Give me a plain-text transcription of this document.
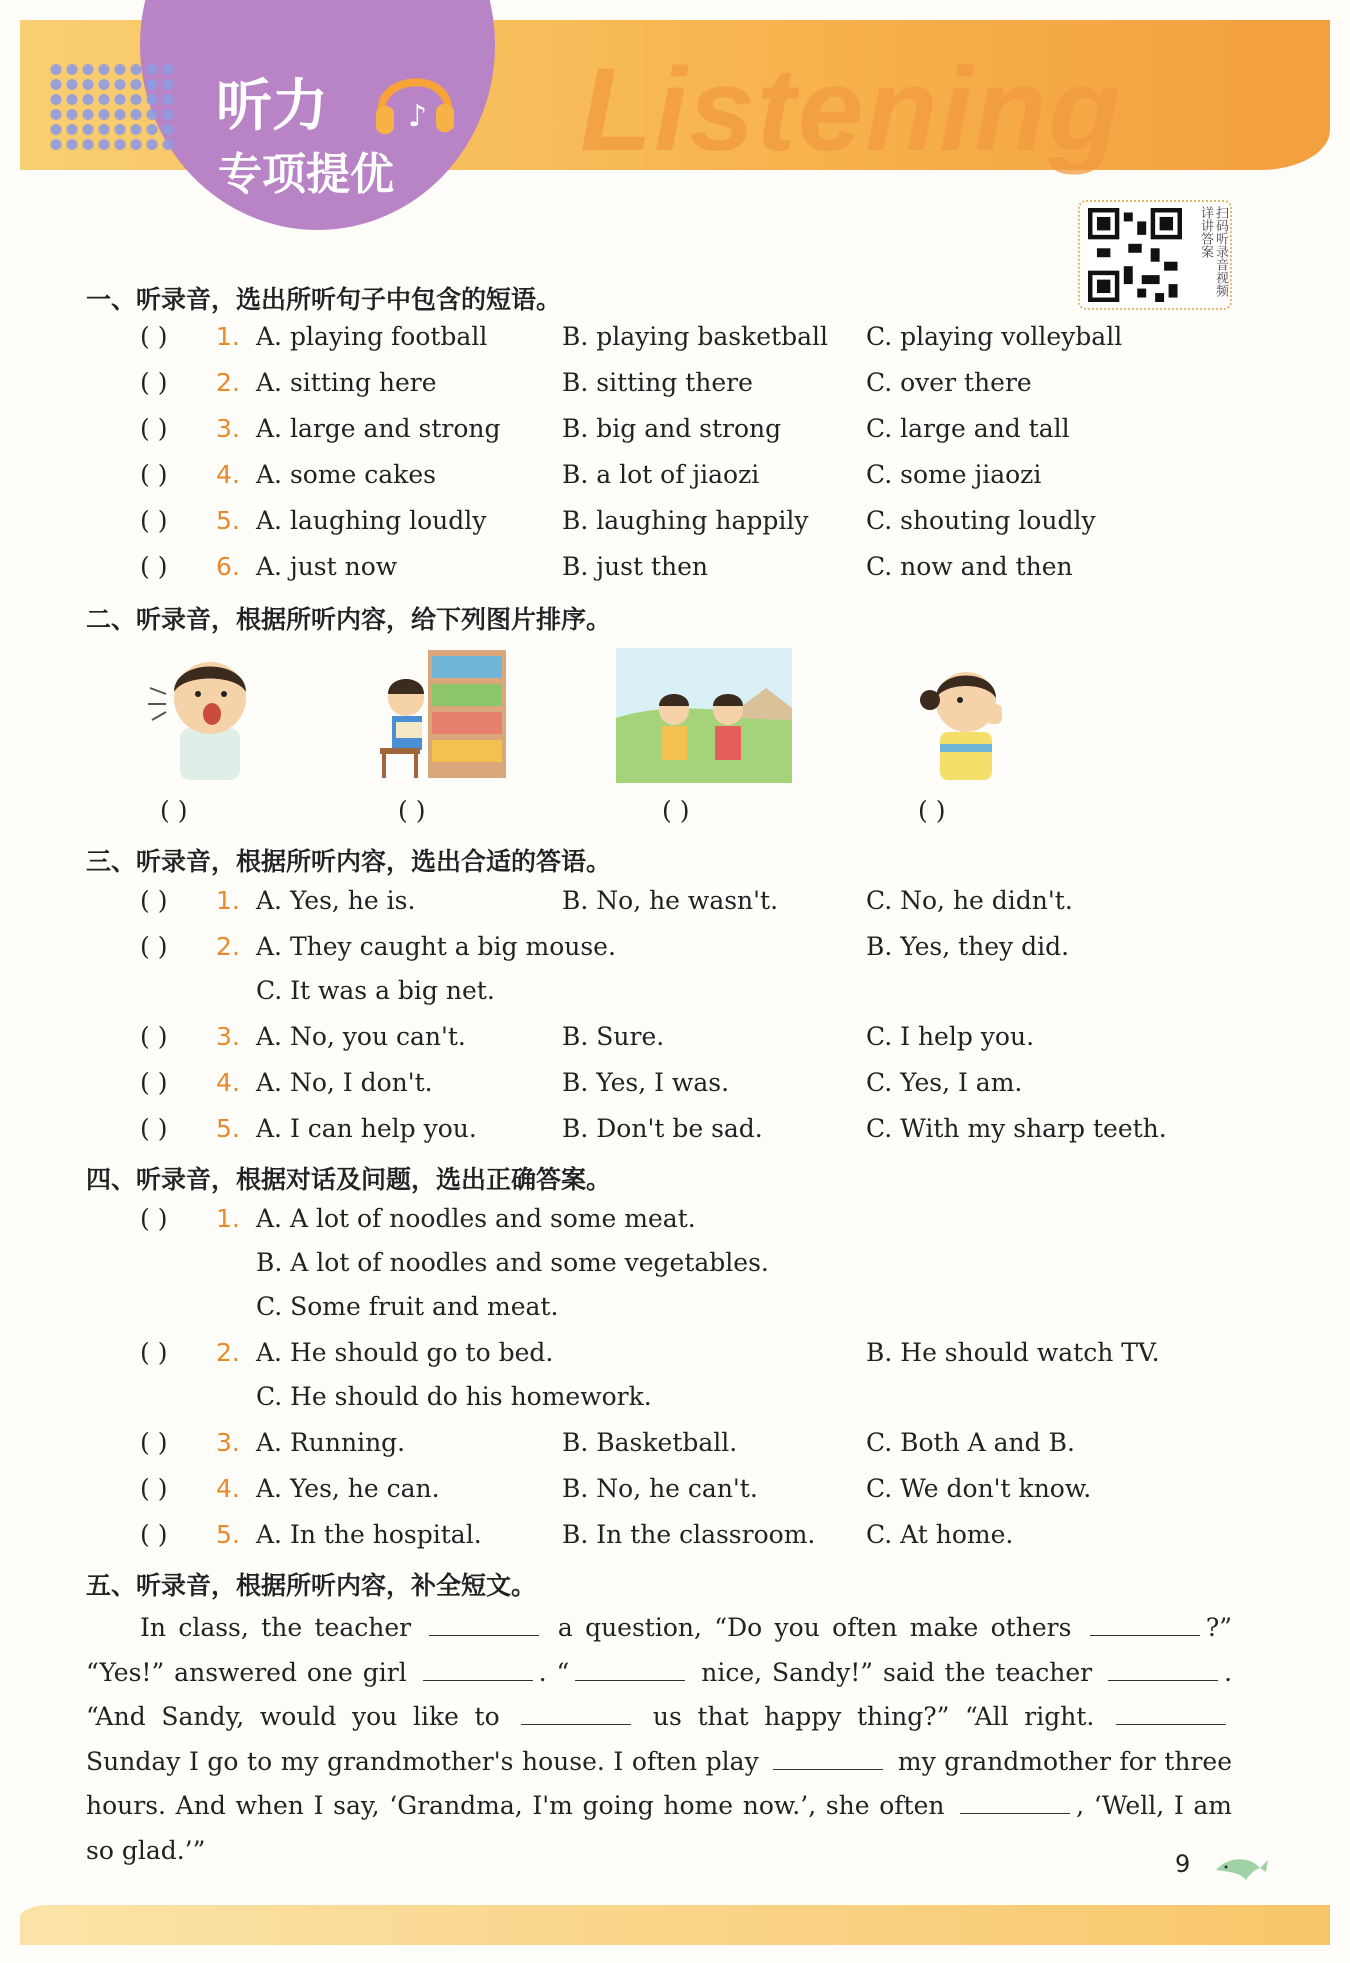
Listening
听力
专项提优
♪
扫码听录音视频详讲答案
一、听录音，选出所听句子中包含的短语。
( ) 1. A. playing football	B. playing basketball C. playing volleyball
( ) 2. A. sitting here	B. sitting there	C. over there
( ) 3. A. large and strong B. big and strong	C. large and tall
( ) 4. A. some cakes	B. a lot of jiaozi	C. some jiaozi
( ) 5. A. laughing loudly	B. laughing happily C. shouting loudly
( ) 6. A. just now	B. just then	C. now and then
二、听录音，根据所听内容，给下列图片排序。
( )	( )	( )	( )
三、听录音，根据所听内容，选出合适的答语。
( ) 1. A. Yes, he is.	B. No, he wasn't.	C. No, he didn't.
( ) 2. A. They caught a big mouse.	B. Yes, they did.
C. It was a big net.
( ) 3. A. No, you can't.	B. Sure.	C. I help you.
( ) 4. A. No, I don't.	B. Yes, I was.	C. Yes, I am.
( ) 5. A. I can help you.	B. Don't be sad.	C. With my sharp teeth.
四、听录音，根据对话及问题，选出正确答案。
( ) 1. A. A lot of noodles and some meat.
B. A lot of noodles and some vegetables.
C. Some fruit and meat.
( ) 2. A. He should go to bed.	B. He should watch TV.
C. He should do his homework.
( ) 3. A. Running.	B. Basketball.	C. Both A and B.
( ) 4. A. Yes, he can.	B. No, he can't.	C. We don't know.
( ) 5. A. In the hospital.	B. In the classroom. C. At home.
五、听录音，根据所听内容，补全短文。
In class, the teacher	a question, “Do you often make others	?” “Yes!” answered one girl	. “	nice, Sandy!” said the teacher	. “And Sandy, would you like to	us that happy thing?” “All right.  Sunday I go to my grandmother's house. I often play	my grandmother for three hours. And when I say, ‘Grandma, I'm going home now.’, she often	, ‘Well, I am so glad.’”	9
